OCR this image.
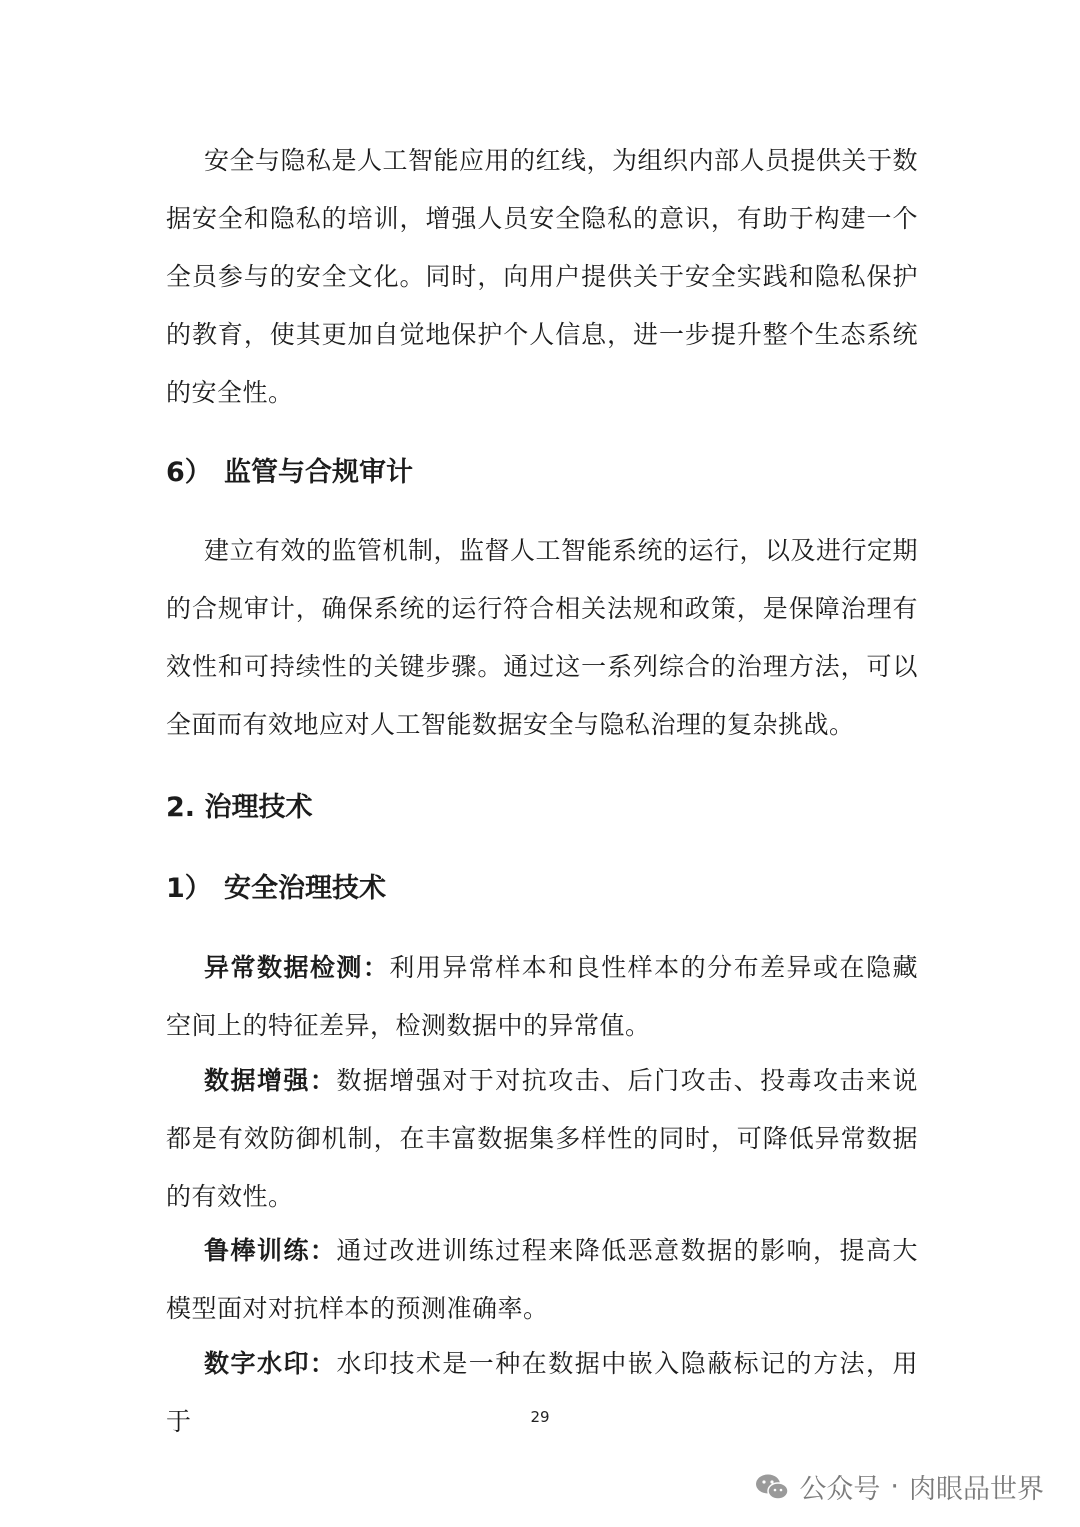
安全与隐私是人工智能应用的红线，为组织内部人员提供关于数据安全和隐私的培训，增强人员安全隐私的意识，有助于构建一个全员参与的安全文化。同时，向用户提供关于安全实践和隐私保护的教育，使其更加自觉地保护个人信息，进一步提升整个生态系统的安全性。

6） 监管与合规审计

建立有效的监管机制，监督人工智能系统的运行，以及进行定期的合规审计，确保系统的运行符合相关法规和政策，是保障治理有效性和可持续性的关键步骤。通过这一系列综合的治理方法，可以全面而有效地应对人工智能数据安全与隐私治理的复杂挑战。

2. 治理技术
1） 安全治理技术

异常数据检测：利用异常样本和良性样本的分布差异或在隐藏空间上的特征差异，检测数据中的异常值。

数据增强：数据增强对于对抗攻击、后门攻击、投毒攻击来说都是有效防御机制，在丰富数据集多样性的同时，可降低异常数据的有效性。

鲁棒训练：通过改进训练过程来降低恶意数据的影响，提高大模型面对对抗样本的预测准确率。

数字水印：水印技术是一种在数据中嵌入隐蔽标记的方法，用于	29
公众号 · 肉眼品世界
